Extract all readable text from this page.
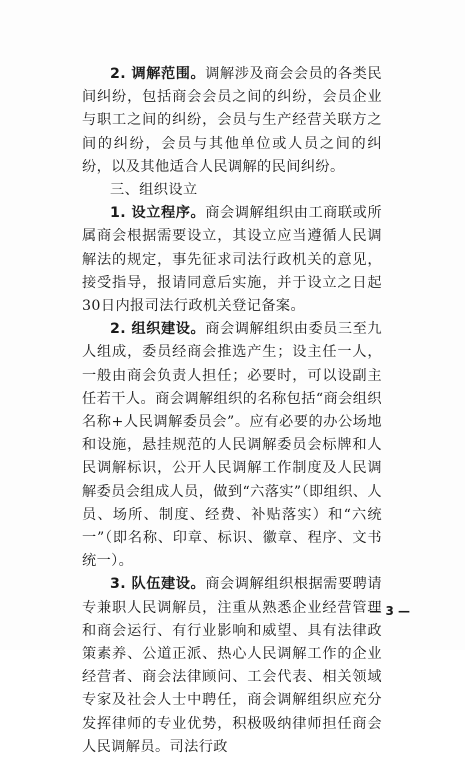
2. 调解范围。调解涉及商会会员的各类民间纠纷，包括商会会员之间的纠纷，会员企业与职工之间的纠纷，会员与生产经营关联方之间的纠纷，会员与其他单位或人员之间的纠纷，以及其他适合人民调解的民间纠纷。

三、组织设立

1. 设立程序。商会调解组织由工商联或所属商会根据需要设立，其设立应当遵循人民调解法的规定，事先征求司法行政机关的意见，接受指导，报请同意后实施，并于设立之日起30日内报司法行政机关登记备案。

2. 组织建设。商会调解组织由委员三至九人组成，委员经商会推选产生；设主任一人，一般由商会负责人担任；必要时，可以设副主任若干人。商会调解组织的名称包括“商会组织名称+人民调解委员会”。应有必要的办公场地和设施，悬挂规范的人民调解委员会标牌和人民调解标识，公开人民调解工作制度及人民调解委员会组成人员，做到“六落实”（即组织、人员、场所、制度、经费、补贴落实）和“六统一”（即名称、印章、标识、徽章、程序、文书统一）。

3. 队伍建设。商会调解组织根据需要聘请专兼职人民调解员，注重从熟悉企业经营管理和商会运行、有行业影响和威望、具有法律政策素养、公道正派、热心人民调解工作的企业经营者、商会法律顾问、工会代表、相关领域专家及社会人士中聘任，商会调解组织应充分发挥律师的专业优势，积极吸纳律师担任商会人民调解员。司法行政

— 3 —
